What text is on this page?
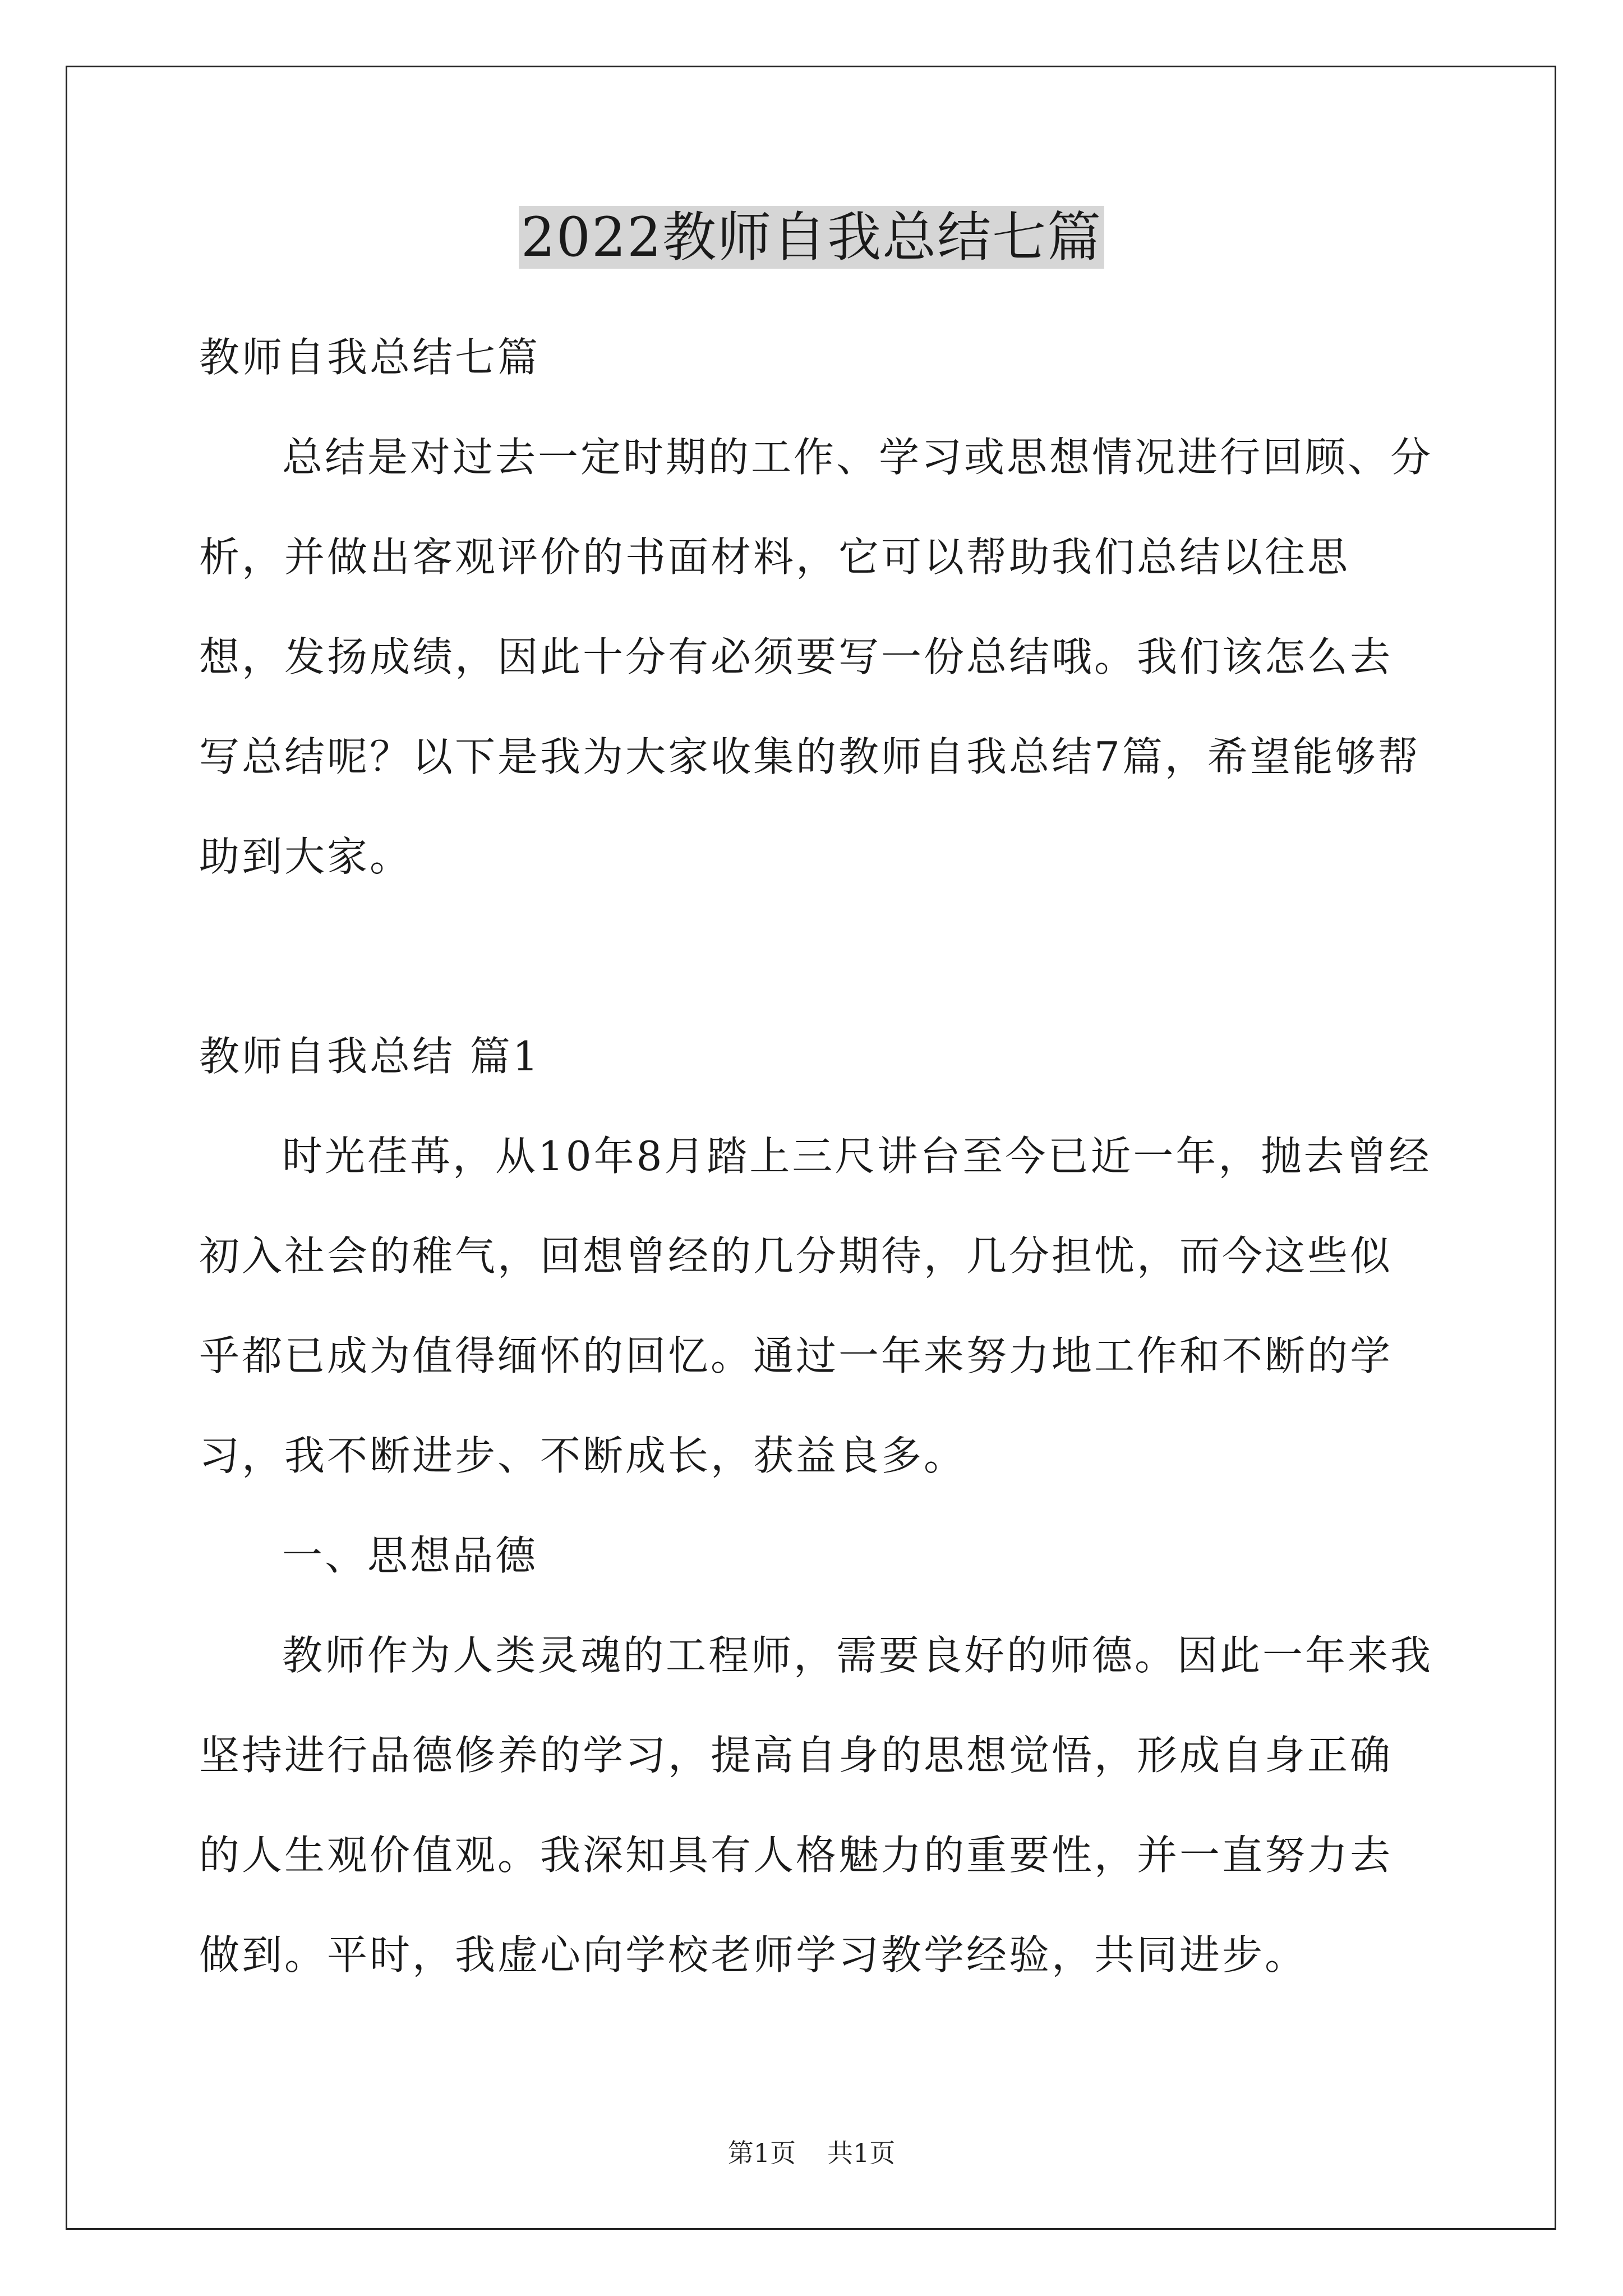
2022教师自我总结七篇

教师自我总结七篇

总结是对过去一定时期的工作、学习或思想情况进行回顾、分析，并做出客观评价的书面材料，它可以帮助我们总结以往思想，发扬成绩，因此十分有必须要写一份总结哦。我们该怎么去写总结呢？以下是我为大家收集的教师自我总结7篇，希望能够帮助到大家。

教师自我总结 篇1

时光荏苒，从10年8月踏上三尺讲台至今已近一年，抛去曾经初入社会的稚气，回想曾经的几分期待，几分担忧，而今这些似乎都已成为值得缅怀的回忆。通过一年来努力地工作和不断的学习，我不断进步、不断成长，获益良多。

一、思想品德

教师作为人类灵魂的工程师，需要良好的师德。因此一年来我坚持进行品德修养的学习，提高自身的思想觉悟，形成自身正确的人生观价值观。我深知具有人格魅力的重要性，并一直努力去做到。平时，我虚心向学校老师学习教学经验，共同进步。

第1页 共1页
